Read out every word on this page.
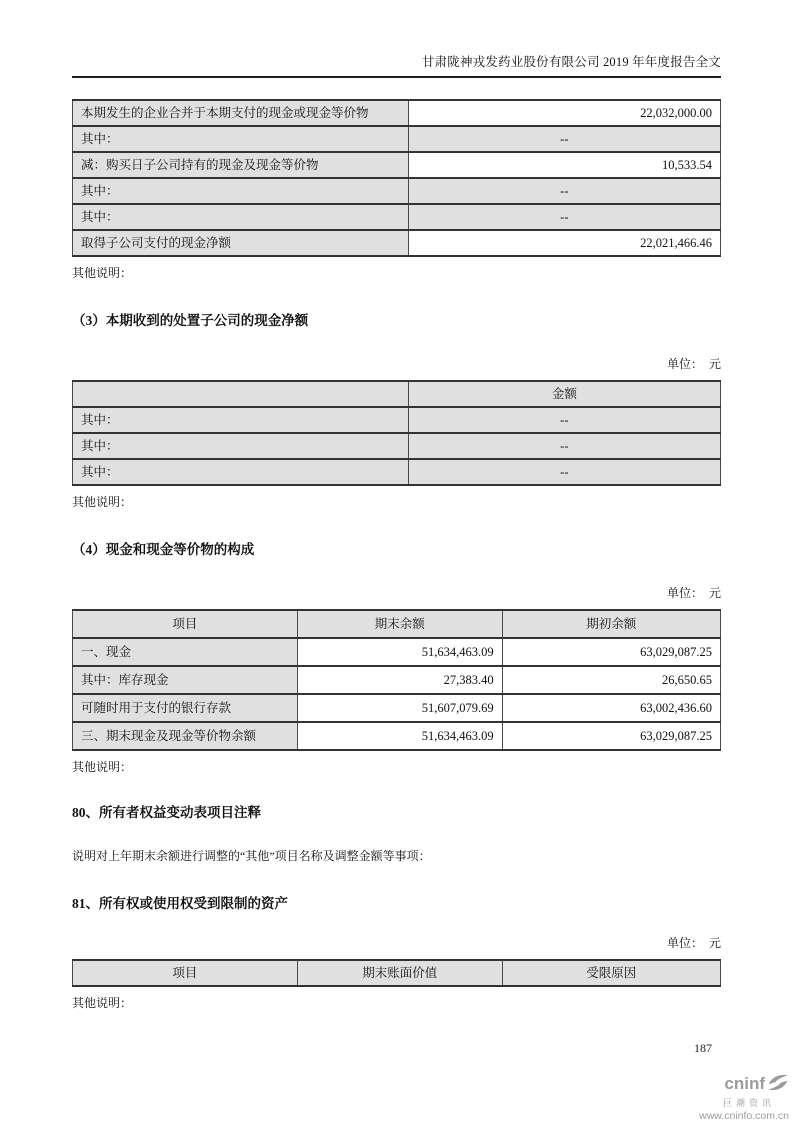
甘肃陇神戎发药业股份有限公司 2019 年年度报告全文
本期发生的企业合并于本期支付的现金或现金等价物	22,032,000.00
其中：	--
减：购买日子公司持有的现金及现金等价物	10,533.54
其中：	--
其中：	--
取得子公司支付的现金净额	22,021,466.46
其他说明：
（3）本期收到的处置子公司的现金净额
单位：　元
	金额
其中：	--
其中：	--
其中：	--
其他说明：
（4）现金和现金等价物的构成
单位：　元
项目	期末余额	期初余额
一、现金	51,634,463.09	63,029,087.25
其中：库存现金	27,383.40	26,650.65
可随时用于支付的银行存款	51,607,079.69	63,002,436.60
三、期末现金及现金等价物余额	51,634,463.09	63,029,087.25
其他说明：
80、所有者权益变动表项目注释
说明对上年期末余额进行调整的“其他”项目名称及调整金额等事项：
81、所有权或使用权受到限制的资产
单位：　元
项目	期末账面价值	受限原因
其他说明：
187
cninf
巨潮资讯
www.cninfo.com.cn
